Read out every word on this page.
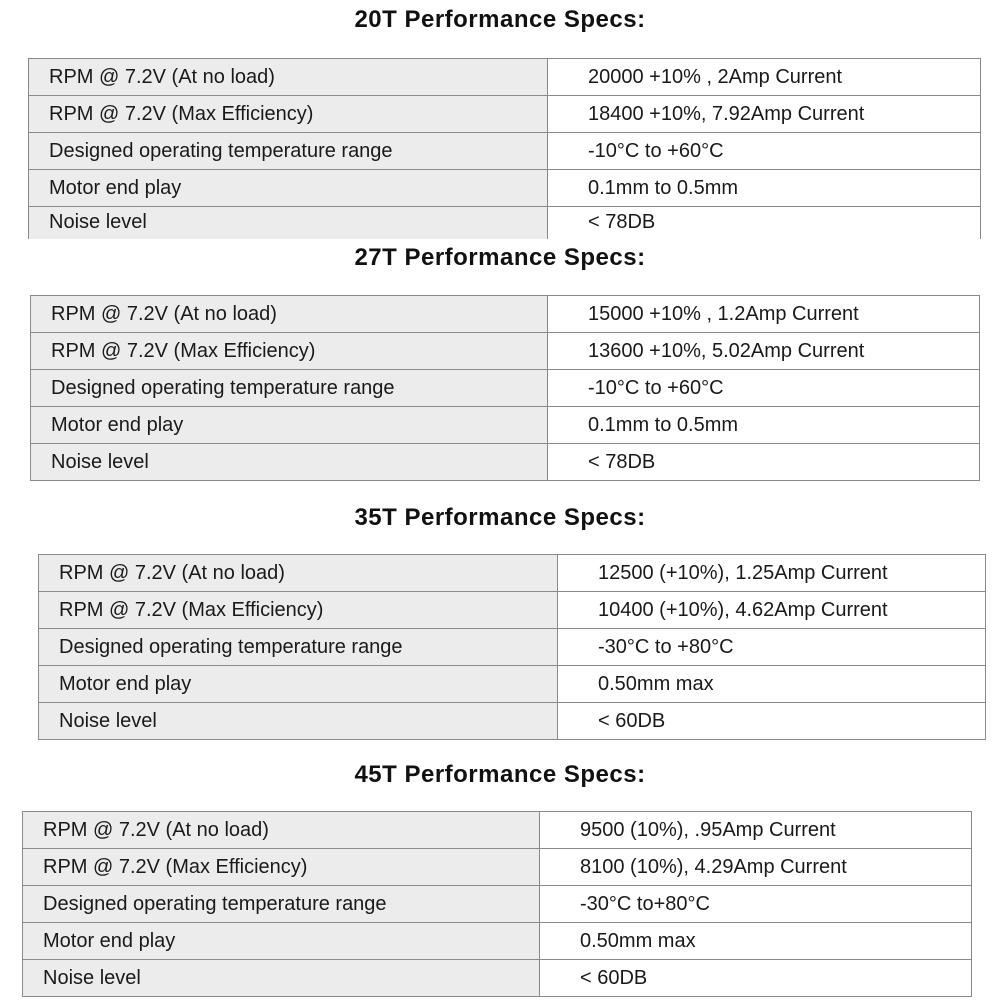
20T Performance Specs:
RPM @ 7.2V (At no load)	20000 +10% , 2Amp Current
RPM @ 7.2V (Max Efficiency)	18400 +10%, 7.92Amp Current
Designed operating temperature range	-10°C to +60°C
Motor end play	0.1mm to 0.5mm
Noise level	< 78DB
27T Performance Specs:
RPM @ 7.2V (At no load)	15000 +10% , 1.2Amp Current
RPM @ 7.2V (Max Efficiency)	13600 +10%, 5.02Amp Current
Designed operating temperature range	-10°C to +60°C
Motor end play	0.1mm to 0.5mm
Noise level	< 78DB
35T Performance Specs:
RPM @ 7.2V (At no load)	12500 (+10%), 1.25Amp Current
RPM @ 7.2V (Max Efficiency)	10400 (+10%), 4.62Amp Current
Designed operating temperature range	-30°C to +80°C
Motor end play	0.50mm max
Noise level	< 60DB
45T Performance Specs:
RPM @ 7.2V (At no load)	9500 (10%), .95Amp Current
RPM @ 7.2V (Max Efficiency)	8100 (10%), 4.29Amp Current
Designed operating temperature range	-30°C to+80°C
Motor end play	0.50mm max
Noise level	< 60DB
